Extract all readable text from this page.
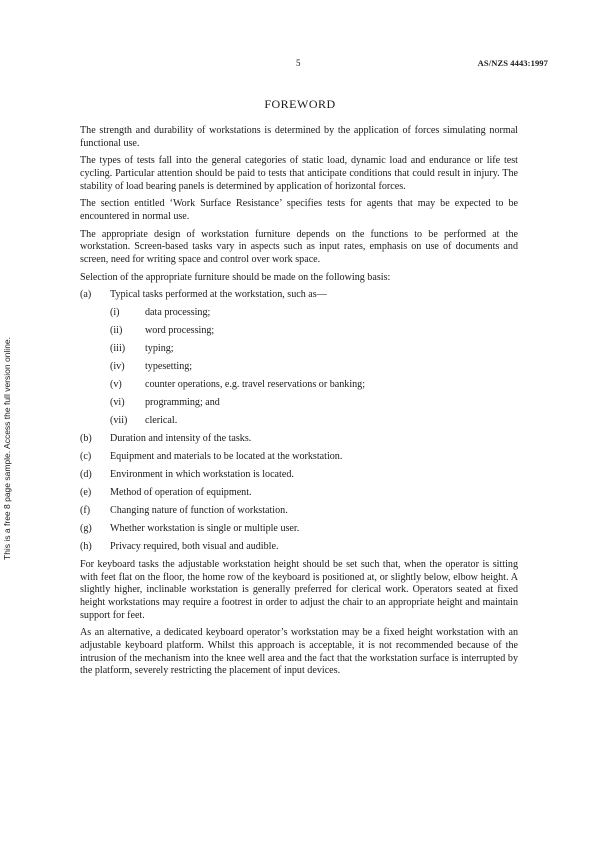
5	AS/NZS 4443:1997
This is a free 8 page sample. Access the full version online.
FOREWORD

The strength and durability of workstations is determined by the application of forces simulating normal functional use.

The types of tests fall into the general categories of static load, dynamic load and endurance or life test cycling. Particular attention should be paid to tests that anticipate conditions that could result in injury. The stability of load bearing panels is determined by application of horizontal forces.

The section entitled ‘Work Surface Resistance’ specifies tests for agents that may be expected to be encountered in normal use.

The appropriate design of workstation furniture depends on the functions to be performed at the workstation. Screen-based tasks vary in aspects such as input rates, emphasis on use of documents and screen, need for writing space and control over work space.

Selection of the appropriate furniture should be made on the following basis:

(a)	Typical tasks performed at the workstation, such as—
(i)	data processing;
(ii)	word processing;
(iii)	typing;
(iv)	typesetting;
(v)	counter operations, e.g. travel reservations or banking;
(vi)	programming; and
(vii)	clerical.
(b)	Duration and intensity of the tasks.
(c)	Equipment and materials to be located at the workstation.
(d)	Environment in which workstation is located.
(e)	Method of operation of equipment.
(f)	Changing nature of function of workstation.
(g)	Whether workstation is single or multiple user.
(h)	Privacy required, both visual and audible.

For keyboard tasks the adjustable workstation height should be set such that, when the operator is sitting with feet flat on the floor, the home row of the keyboard is positioned at, or slightly below, elbow height. A slightly higher, inclinable workstation is generally preferred for clerical work. Operators seated at fixed height workstations may require a footrest in order to adjust the chair to an appropriate height and maintain support for feet.

As an alternative, a dedicated keyboard operator’s workstation may be a fixed height workstation with an adjustable keyboard platform. Whilst this approach is acceptable, it is not recommended because of the intrusion of the mechanism into the knee well area and the fact that the workstation surface is interrupted by the platform, severely restricting the placement of input devices.
